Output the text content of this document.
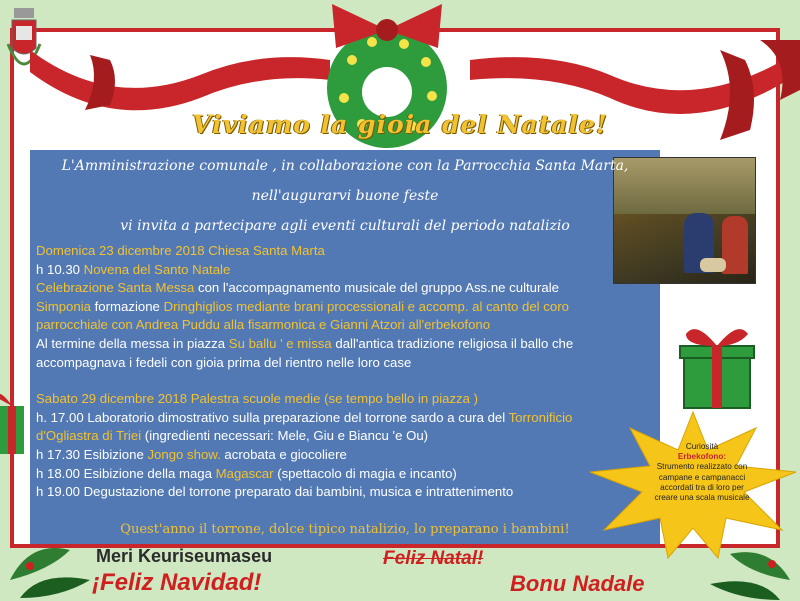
Viviamo la gioia del Natale!
L'Amministrazione comunale , in collaborazione con la Parrocchia Santa Marta,
nell'augurarvi buone feste
vi invita a partecipare agli eventi culturali del periodo natalizio

Domenica 23 dicembre 2018 Chiesa Santa Marta

h 10.30 Novena del Santo Natale

Celebrazione Santa Messa con l'accompagnamento musicale del gruppo Ass.ne culturale

Simponia formazione Dringhiglios mediante brani processionali e accomp. al canto del coro

parrocchiale con Andrea Puddu alla fisarmonica e Gianni Atzori all'erbekofono

Al termine della messa in piazza Su ballu ' e missa dall'antica tradizione religiosa il ballo che

accompagnava i fedeli con gioia prima del rientro nelle loro case

Sabato 29 dicembre 2018 Palestra scuole medie (se tempo bello in piazza )

h. 17.00 Laboratorio dimostrativo sulla preparazione del torrone sardo a cura del Torronificio

d'Ogliastra di Triei (ingredienti necessari: Mele, Giu e Biancu 'e Ou)

h 17.30 Esibizione Jongo show. acrobata e giocoliere

h 18.00 Esibizione della maga Magascar (spettacolo di magia e incanto)

h 19.00 Degustazione del torrone preparato dai bambini, musica e intrattenimento

Quest'anno il torrone, dolce tipico natalizio, lo preparano i bambini!
Curiosità
Erbekofono:
Strumento realizzato con
campane e campanacci
accordati tra di loro per
creare una scala musicale
Meri Keuriseumaseu
¡Feliz Navidad!
Feliz Natal!
Bonu Nadale
